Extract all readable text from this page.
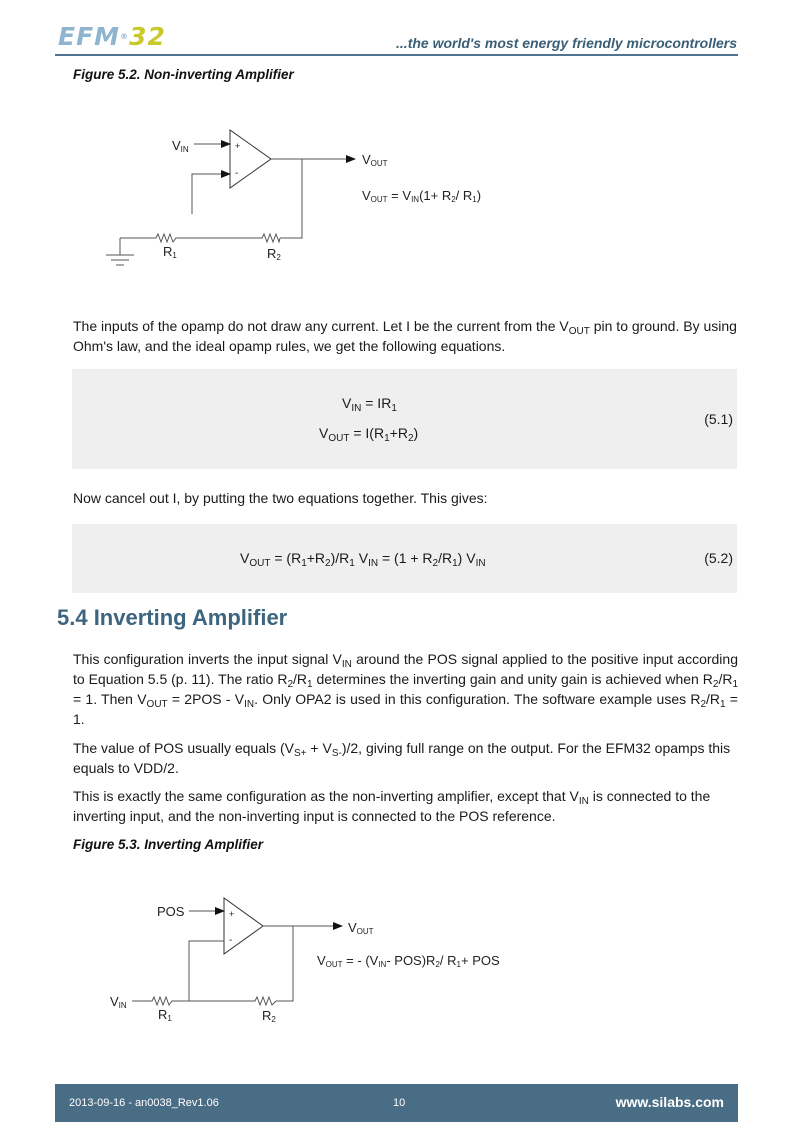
EFM®32	...the world's most energy friendly microcontrollers
Figure 5.2. Non-inverting Amplifier
+
-
VIN
VOUT
R2
R1
VOUT = VIN(1+ R2/ R1)
The inputs of the opamp do not draw any current. Let I be the current from the $V_{OUT}$ pin to ground. By using Ohm's law, and the ideal opamp rules, we get the following equations.
$V_{IN} = IR_1$
$V_{OUT} = I(R_1+R_2)$
(5.1)
Now cancel out I, by putting the two equations together. This gives:
$V_{OUT} = (R_1+R_2)/R_1$ $V_{IN} = (1 + R_2/R_1)$ $V_{IN}$	(5.2)
5.4 Inverting Amplifier
This configuration inverts the input signal $V_{IN}$ around the POS signal applied to the positive input according to Equation 5.5 (p. 11). The ratio $R_2/R_1$ determines the inverting gain and unity gain is achieved when $R_2/R_1 = 1$. Then $V_{OUT} = 2POS - V_{IN}$. Only OPA2 is used in this configuration. The software example uses $R_2/R_1 = 1$.
The value of POS usually equals $(V_{S+} + V_{S-})/2$, giving full range on the output. For the EFM32 opamps this equals to VDD/2.
This is exactly the same configuration as the non-inverting amplifier, except that $V_{IN}$ is connected to the inverting input, and the non-inverting input is connected to the POS reference.
Figure 5.3. Inverting Amplifier
+
-
POS
VOUT
R2
R1
VIN
VOUT = - (VIN- POS)R2/ R1+ POS
2013-09-16 - an0038_Rev1.06	10	www.silabs.com
